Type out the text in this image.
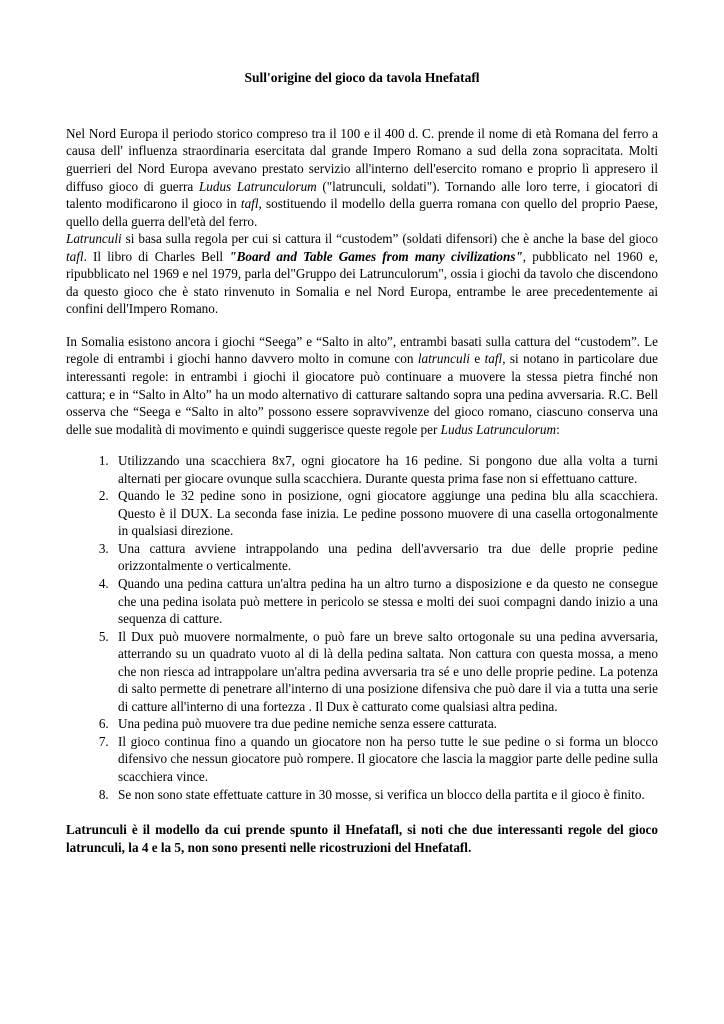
Sull'origine del gioco da tavola Hnefatafl

Nel Nord Europa il periodo storico compreso tra il 100 e il 400 d. C. prende il nome di età Romana del ferro a causa dell' influenza straordinaria esercitata dal grande Impero Romano a sud della zona sopracitata. Molti guerrieri del Nord Europa avevano prestato servizio all'interno dell'esercito romano e proprio lì appresero il diffuso gioco di guerra Ludus Latrunculorum ("latrunculi, soldati"). Tornando alle loro terre, i giocatori di talento modificarono il gioco in tafl, sostituendo il modello della guerra romana con quello del proprio Paese, quello della guerra dell'età del ferro.
Latrunculi si basa sulla regola per cui si cattura il “custodem” (soldati difensori) che è anche la base del gioco tafl. Il libro di Charles Bell "Board and Table Games from many civilizations", pubblicato nel 1960 e, ripubblicato nel 1969 e nel 1979, parla del"Gruppo dei Latrunculorum", ossia i giochi da tavolo che discendono da questo gioco che è stato rinvenuto in Somalia e nel Nord Europa, entrambe le aree precedentemente ai confini dell'Impero Romano.

In Somalia esistono ancora i giochi “Seega” e “Salto in alto”, entrambi basati sulla cattura del “custodem”. Le regole di entrambi i giochi hanno davvero molto in comune con latrunculi e tafl, si notano in particolare due interessanti regole: in entrambi i giochi il giocatore può continuare a muovere la stessa pietra finché non cattura; e in “Salto in Alto” ha un modo alternativo di catturare saltando sopra una pedina avversaria. R.C. Bell osserva che “Seega e “Salto in alto” possono essere sopravvivenze del gioco romano, ciascuno conserva una delle sue modalità di movimento e quindi suggerisce queste regole per Ludus Latrunculorum:

1. Utilizzando una scacchiera 8x7, ogni giocatore ha 16 pedine. Si pongono due alla volta a turni alternati per giocare ovunque sulla scacchiera. Durante questa prima fase non si effettuano catture.
2. Quando le 32 pedine sono in posizione, ogni giocatore aggiunge una pedina blu alla scacchiera. Questo è il DUX. La seconda fase inizia. Le pedine possono muovere di una casella ortogonalmente in qualsiasi direzione.
3. Una cattura avviene intrappolando una pedina dell'avversario tra due delle proprie pedine orizzontalmente o verticalmente.
4. Quando una pedina cattura un'altra pedina ha un altro turno a disposizione e da questo ne consegue che una pedina isolata può mettere in pericolo se stessa e molti dei suoi compagni dando inizio a una sequenza di catture.
5. Il Dux può muovere normalmente, o può fare un breve salto ortogonale su una pedina avversaria, atterrando su un quadrato vuoto al di là della pedina saltata. Non cattura con questa mossa, a meno che non riesca ad intrappolare un'altra pedina avversaria tra sé e uno delle proprie pedine. La potenza di salto permette di penetrare all'interno di una posizione difensiva che può dare il via a tutta una serie di catture all'interno di una fortezza . Il Dux è catturato come qualsiasi altra pedina.
6. Una pedina può muovere tra due pedine nemiche senza essere catturata.
7. Il gioco continua fino a quando un giocatore non ha perso tutte le sue pedine o si forma un blocco difensivo che nessun giocatore può rompere. Il giocatore che lascia la maggior parte delle pedine sulla scacchiera vince.
8. Se non sono state effettuate catture in 30 mosse, si verifica un blocco della partita e il gioco è finito.

Latrunculi è il modello da cui prende spunto il Hnefatafl, si noti che due interessanti regole del gioco latrunculi, la 4 e la 5, non sono presenti nelle ricostruzioni del Hnefatafl.
